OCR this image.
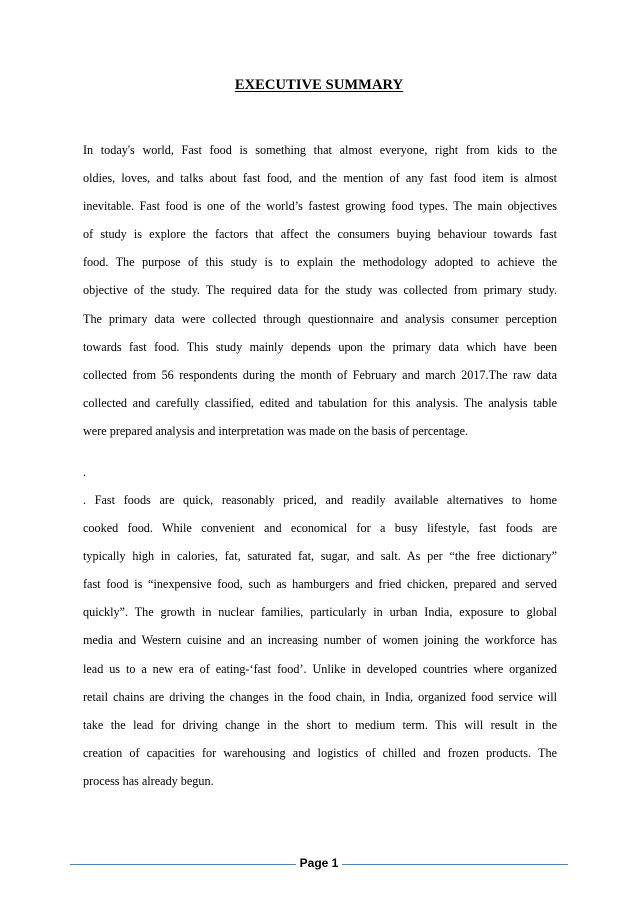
EXECUTIVE SUMMARY
In today's world, Fast food is something that almost everyone, right from kids to the
oldies, loves, and talks about fast food, and the mention of any fast food item is almost
inevitable. Fast food is one of the world’s fastest growing food types. The main objectives
of study is explore the factors that affect the consumers buying behaviour towards fast
food. The purpose of this study is to explain the methodology adopted to achieve the
objective of the study. The required data for the study was collected from primary study.
The primary data were collected through questionnaire and analysis consumer perception
towards fast food. This study mainly depends upon the primary data which have been
collected from 56 respondents during the month of February and march 2017.The raw data
collected and carefully classified, edited and tabulation for this analysis. The analysis table
were prepared analysis and interpretation was made on the basis of percentage.
.
. Fast foods are quick, reasonably priced, and readily available alternatives to home
cooked food. While convenient and economical for a busy lifestyle, fast foods are
typically high in calories, fat, saturated fat, sugar, and salt. As per “the free dictionary”
fast food is “inexpensive food, such as hamburgers and fried chicken, prepared and served
quickly”. The growth in nuclear families, particularly in urban India, exposure to global
media and Western cuisine and an increasing number of women joining the workforce has
lead us to a new era of eating-‘fast food’. Unlike in developed countries where organized
retail chains are driving the changes in the food chain, in India, organized food service will
take the lead for driving change in the short to medium term. This will result in the
creation of capacities for warehousing and logistics of chilled and frozen products. The
process has already begun.
Page 1
